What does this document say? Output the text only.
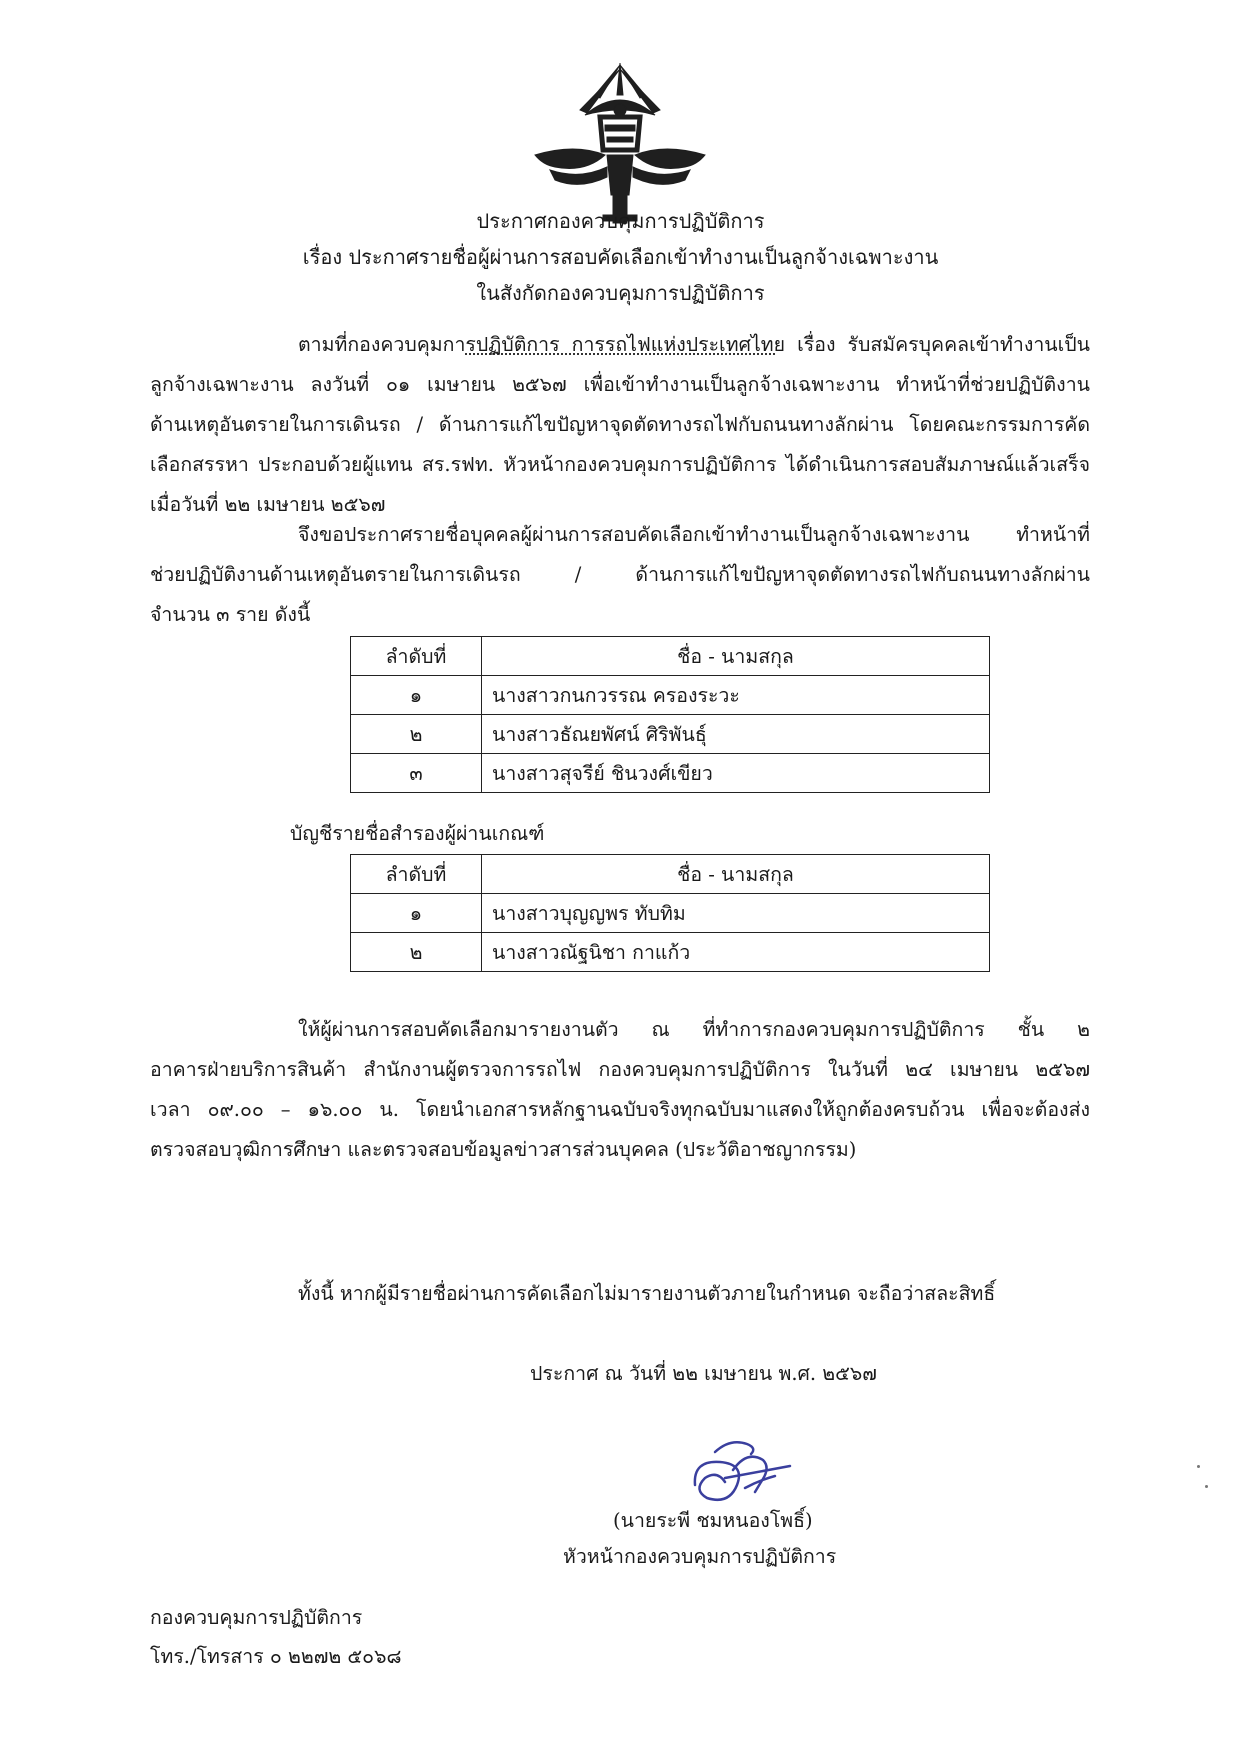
ประกาศกองควบคุมการปฏิบัติการ
เรื่อง ประกาศรายชื่อผู้ผ่านการสอบคัดเลือกเข้าทำงานเป็นลูกจ้างเฉพาะงาน
ในสังกัดกองควบคุมการปฏิบัติการ
ตามที่กองควบคุมการปฏิบัติการ การรถไฟแห่งประเทศไทย เรื่อง รับสมัครบุคคลเข้าทำงานเป็น
ลูกจ้างเฉพาะงาน ลงวันที่ ๐๑ เมษายน ๒๕๖๗ เพื่อเข้าทำงานเป็นลูกจ้างเฉพาะงาน ทำหน้าที่ช่วยปฏิบัติงาน
ด้านเหตุอันตรายในการเดินรถ / ด้านการแก้ไขปัญหาจุดตัดทางรถไฟกับถนนทางลักผ่าน โดยคณะกรรมการคัด
เลือกสรรหา ประกอบด้วยผู้แทน สร.รฟท. หัวหน้ากองควบคุมการปฏิบัติการ ได้ดำเนินการสอบสัมภาษณ์แล้วเสร็จ
เมื่อวันที่ ๒๒ เมษายน ๒๕๖๗
จึงขอประกาศรายชื่อบุคคลผู้ผ่านการสอบคัดเลือกเข้าทำงานเป็นลูกจ้างเฉพาะงาน ทำหน้าที่
ช่วยปฏิบัติงานด้านเหตุอันตรายในการเดินรถ / ด้านการแก้ไขปัญหาจุดตัดทางรถไฟกับถนนทางลักผ่าน
จำนวน ๓ ราย ดังนี้
ลำดับที่	ชื่อ - นามสกุล
๑	นางสาวกนกวรรณ ครองระวะ
๒	นางสาวธัณยพัศน์ ศิริพันธุ์
๓	นางสาวสุจรีย์ ชินวงศ์เขียว
บัญชีรายชื่อสำรองผู้ผ่านเกณฑ์
ลำดับที่	ชื่อ - นามสกุล
๑	นางสาวบุญญพร ทับทิม
๒	นางสาวณัฐนิชา กาแก้ว
ให้ผู้ผ่านการสอบคัดเลือกมารายงานตัว ณ ที่ทำการกองควบคุมการปฏิบัติการ ชั้น ๒
อาคารฝ่ายบริการสินค้า สำนักงานผู้ตรวจการรถไฟ กองควบคุมการปฏิบัติการ ในวันที่ ๒๔ เมษายน ๒๕๖๗
เวลา ๐๙.๐๐ – ๑๖.๐๐ น. โดยนำเอกสารหลักฐานฉบับจริงทุกฉบับมาแสดงให้ถูกต้องครบถ้วน เพื่อจะต้องส่ง
ตรวจสอบวุฒิการศึกษา และตรวจสอบข้อมูลข่าวสารส่วนบุคคล (ประวัติอาชญากรรม)
ทั้งนี้ หากผู้มีรายชื่อผ่านการคัดเลือกไม่มารายงานตัวภายในกำหนด จะถือว่าสละสิทธิ์
ประกาศ ณ วันที่ ๒๒ เมษายน พ.ศ. ๒๕๖๗
(นายระพี ชมหนองโพธิ์)
หัวหน้ากองควบคุมการปฏิบัติการ
กองควบคุมการปฏิบัติการ
โทร./โทรสาร ๐ ๒๒๗๒ ๕๐๖๘
